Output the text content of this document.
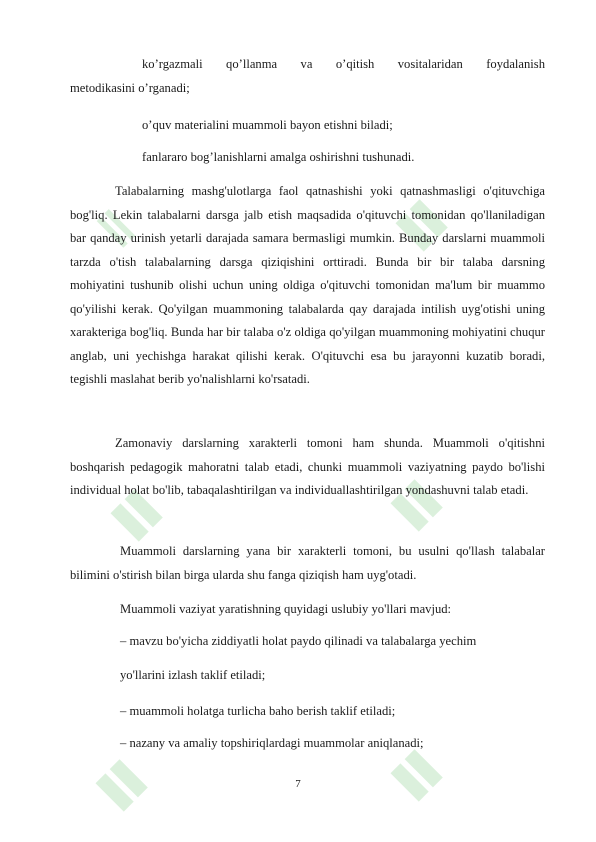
ǁ

ko’rgazmali qo’llanma va o’qitish vositalaridan foydalanish

metodikasini o’rganadi;

o’quv materialini muammoli bayon etishni biladi;

fanlararo bog’lanishlarni amalga oshirishni tushunadi.

Talabalarning mashg'ulotlarga faol qatnashishi yoki qatnashmasligi o'qituvchiga bog'liq. Lekin talabalarni darsga jalb etish maqsadida o'qituvchi tomonidan qo'llaniladigan bar qanday urinish yetarli darajada samara bermasligi mumkin. Bunday darslarni muammoli tarzda o'tish talabalarning darsga qiziqishini orttiradi. Bunda bir bir talaba darsning mohiyatini tushunib olishi uchun uning oldiga o'qituvchi tomonidan ma'lum bir muammo qo'yilishi kerak. Qo'yilgan muammoning talabalarda qay darajada intilish uyg'otishi uning xarakteriga bog'liq. Bunda har bir talaba o'z oldiga qo'yilgan muammoning mohiyatini chuqur anglab, uni yechishga harakat qilishi kerak. O'qituvchi esa bu jarayonni kuzatib boradi, tegishli maslahat berib yo'nalishlarni ko'rsatadi.

Zamonaviy darslarning xarakterli tomoni ham shunda. Muammoli o'qitishni boshqarish pedagogik mahoratni talab etadi, chunki muammoli vaziyatning paydo bo'lishi individual holat bo'lib, tabaqalashtirilgan va individuallashtirilgan yondashuvni talab etadi.

Muammoli darslarning yana bir xarakterli tomoni, bu usulni qo'llash talabalar bilimini o'stirish bilan birga ularda shu fanga qiziqish ham uyg'otadi.

Muammoli vaziyat yaratishning quyidagi uslubiy yo'llari mavjud:

– mavzu bo'yicha ziddiyatli holat paydo qilinadi va talabalarga yechim

yo'llarini izlash taklif etiladi;

– muammoli holatga turlicha baho berish taklif etiladi;

– nazany va amaliy topshiriqlardagi muammolar aniqlanadi;

7
